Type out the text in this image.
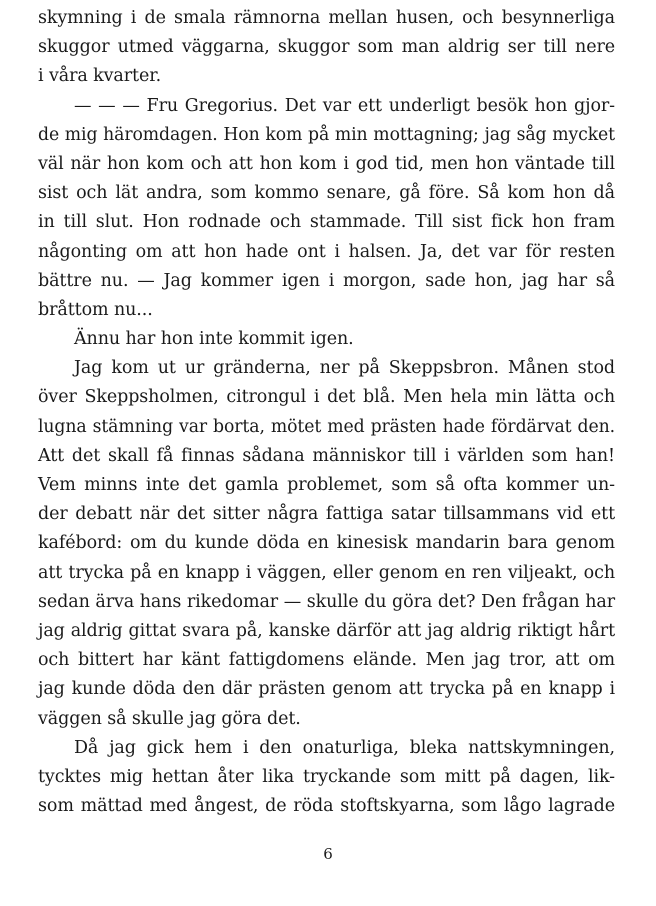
skymning i de smala rämnorna mellan husen, och besynnerliga
skuggor utmed väggarna, skuggor som man aldrig ser till nere
i våra kvarter.
— — — Fru Gregorius. Det var ett underligt besök hon gjor-
de mig häromdagen. Hon kom på min mottagning; jag såg mycket
väl när hon kom och att hon kom i god tid, men hon väntade till
sist och lät andra, som kommo senare, gå före. Så kom hon då
in till slut. Hon rodnade och stammade. Till sist fick hon fram
någonting om att hon hade ont i halsen. Ja, det var för resten
bättre nu. — Jag kommer igen i morgon, sade hon, jag har så
bråttom nu...
Ännu har hon inte kommit igen.
Jag kom ut ur gränderna, ner på Skeppsbron. Månen stod
över Skeppsholmen, citrongul i det blå. Men hela min lätta och
lugna stämning var borta, mötet med prästen hade fördärvat den.
Att det skall få finnas sådana människor till i världen som han!
Vem minns inte det gamla problemet, som så ofta kommer un-
der debatt när det sitter några fattiga satar tillsammans vid ett
kafébord: om du kunde döda en kinesisk mandarin bara genom
att trycka på en knapp i väggen, eller genom en ren viljeakt, och
sedan ärva hans rikedomar — skulle du göra det? Den frågan har
jag aldrig gittat svara på, kanske därför att jag aldrig riktigt hårt
och bittert har känt fattigdomens elände. Men jag tror, att om
jag kunde döda den där prästen genom att trycka på en knapp i
väggen så skulle jag göra det.
Då jag gick hem i den onaturliga, bleka nattskymningen,
tycktes mig hettan åter lika tryckande som mitt på dagen, lik-
som mättad med ångest, de röda stoftskyarna, som lågo lagrade
6
